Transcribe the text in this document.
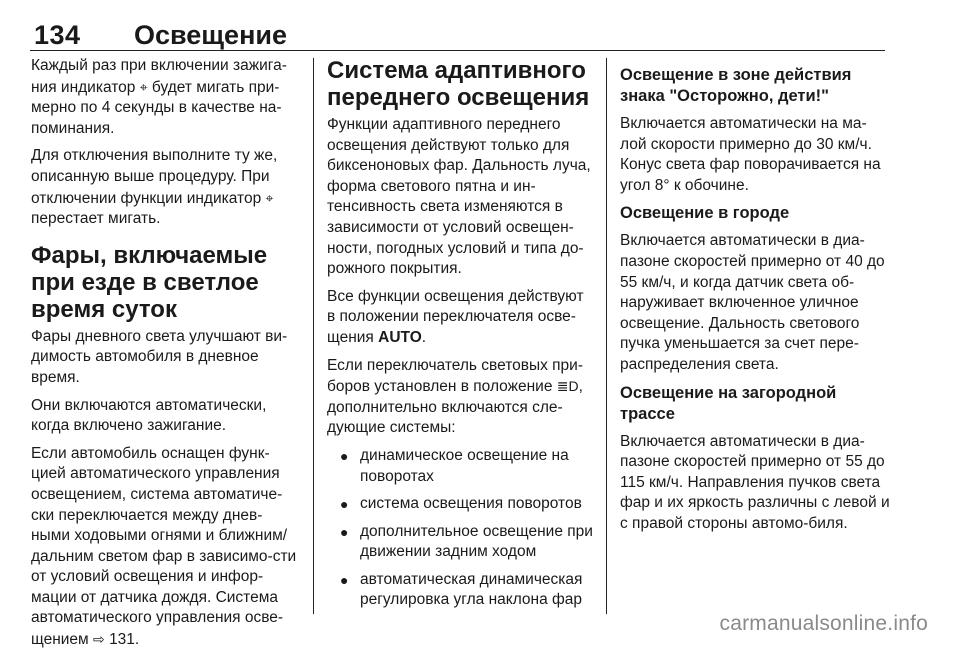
134 Освещение

Каждый раз при включении зажига-ния индикатор ⌖ будет мигать при-мерно по 4 секунды в качестве на-поминания.

Для отключения выполните ту же, описанную выше процедуру. При отключении функции индикатор ⌖ перестает мигать.

Фары, включаемые при езде в светлое время суток

Фары дневного света улучшают ви-димость автомобиля в дневное время.

Они включаются автоматически, когда включено зажигание.

Если автомобиль оснащен функ-цией автоматического управления освещением, система автоматиче-ски переключается между днев-ными ходовыми огнями и ближним/ дальним светом фар в зависимо-сти от условий освещения и инфор-мации от датчика дождя. Система автоматического управления осве-щением ⇨ 131.

Система адаптивного переднего освещения

Функции адаптивного переднего освещения действуют только для биксеноновых фар. Дальность луча, форма светового пятна и ин-тенсивность света изменяются в зависимости от условий освещен-ности, погодных условий и типа до-рожного покрытия.

Все функции освещения действуют в положении переключателя осве-щения AUTO.

Если переключатель световых при-боров установлен в положение ≣D, дополнительно включаются сле-дующие системы:

● динамическое освещение на поворотах
● система освещения поворотов
● дополнительное освещение при движении задним ходом
● автоматическая динамическая регулировка угла наклона фар
Освещение в зоне действия знака "Осторожно, дети!"

Включается автоматически на ма-лой скорости примерно до 30 км/ч. Конус света фар поворачивается на угол 8° к обочине.

Освещение в городе

Включается автоматически в диа-пазоне скоростей примерно от 40 до 55 км/ч, и когда датчик света об-наруживает включенное уличное освещение. Дальность светового пучка уменьшается за счет пере-распределения света.

Освещение на загородной трассе

Включается автоматически в диа-пазоне скоростей примерно от 55 до 115 км/ч. Направления пучков света фар и их яркость различны с левой и с правой стороны автомо-биля.

carmanualsonline.info
